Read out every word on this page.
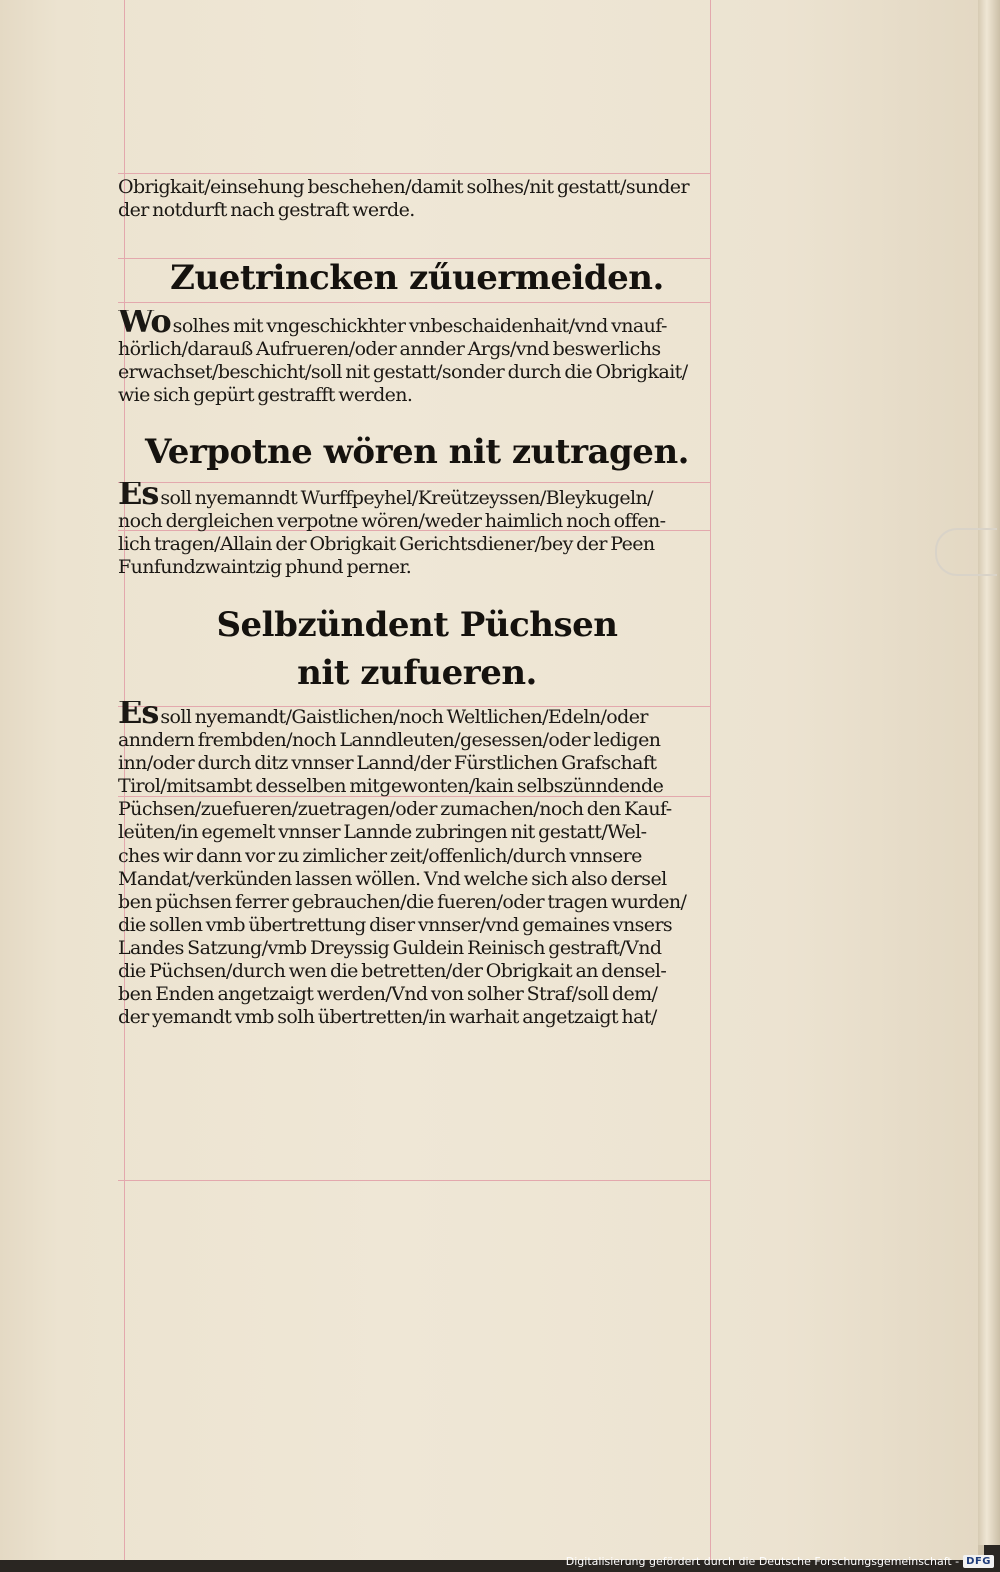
Obrigkait/einsehung beschehen/damit solhes/nit gestatt/sunder
der notdurft nach gestraft werde.
Zuetrincken zűuermeiden.
Wo solhes mit vngeschickhter vnbeschaidenhait/vnd vnauf-
hörlich/darauß Aufrueren/oder annder Args/vnd beswerlichs
erwachset/beschicht/soll nit gestatt/sonder durch die Obrigkait/
wie sich gepürt gestrafft werden.
Verpotne wören nit zutragen.
Es soll nyemanndt Wurffpeyhel/Kreützeyssen/Bleykugeln/
noch dergleichen verpotne wören/weder haimlich noch offen-
lich tragen/Allain der Obrigkait Gerichtsdiener/bey der Peen
Funfundzwaintzig phund perner.
Selbzündent Püchsen
nit zufueren.
Es soll nyemandt/Gaistlichen/noch Weltlichen/Edeln/oder
anndern frembden/noch Lanndleuten/gesessen/oder ledigen
inn/oder durch ditz vnnser Lannd/der Fürstlichen Grafschaft
Tirol/mitsambt desselben mitgewonten/kain selbszünndende
Püchsen/zuefueren/zuetragen/oder zumachen/noch den Kauf-
leüten/in egemelt vnnser Lannde zubringen nit gestatt/Wel-
ches wir dann vor zu zimlicher zeit/offenlich/durch vnnsere
Mandat/verkünden lassen wöllen. Vnd welche sich also dersel
ben püchsen ferrer gebrauchen/die fueren/oder tragen wurden/
die sollen vmb übertrettung diser vnnser/vnd gemaines vnsers
Landes Satzung/vmb Dreyssig Guldein Reinisch gestraft/Vnd
die Püchsen/durch wen die betretten/der Obrigkait an densel-
ben Enden angetzaigt werden/Vnd von solher Straf/soll dem/
der yemandt vmb solh übertretten/in warhait angetzaigt hat/
Digitalisierung gefördert durch die Deutsche Forschungsgemeinschaft - DFG
